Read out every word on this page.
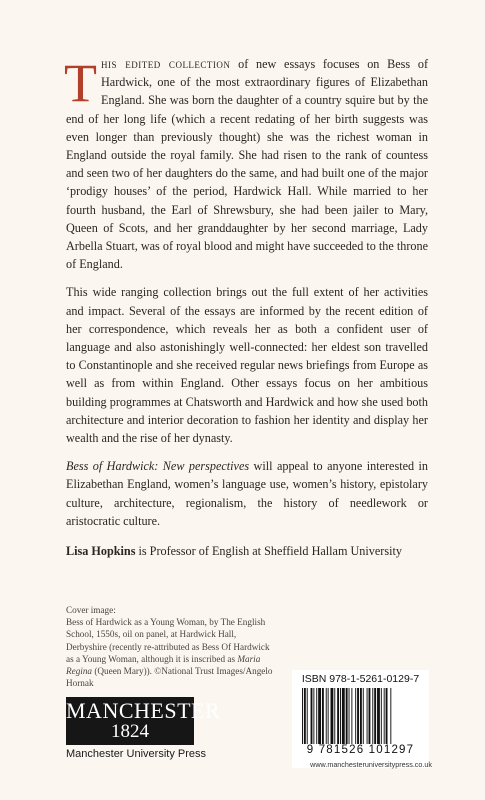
This edited collection of new essays focuses on Bess of Hardwick, one of the most extraordinary figures of Elizabethan England. She was born the daughter of a country squire but by the end of her long life (which a recent redating of her birth suggests was even longer than previously thought) she was the richest woman in England outside the royal family. She had risen to the rank of countess and seen two of her daughters do the same, and had built one of the major ‘prodigy houses’ of the period, Hardwick Hall. While married to her fourth husband, the Earl of Shrewsbury, she had been jailer to Mary, Queen of Scots, and her granddaughter by her second marriage, Lady Arbella Stuart, was of royal blood and might have succeeded to the throne of England.

This wide ranging collection brings out the full extent of her activities and impact. Several of the essays are informed by the recent edition of her correspondence, which reveals her as both a confident user of language and also astonishingly well-connected: her eldest son travelled to Constantinople and she received regular news briefings from Europe as well as from within England. Other essays focus on her ambitious building programmes at Chatsworth and Hardwick and how she used both architecture and interior decoration to fashion her identity and display her wealth and the rise of her dynasty.

Bess of Hardwick: New perspectives will appeal to anyone interested in Elizabethan England, women’s language use, women’s history, epistolary culture, architecture, regionalism, the history of needlework or aristocratic culture.

Lisa Hopkins is Professor of English at Sheffield Hallam University
Cover image:
Bess of Hardwick as a Young Woman, by The English School, 1550s, oil on panel, at Hardwick Hall, Derbyshire (recently re-attributed as Bess Of Hardwick as a Young Woman, although it is inscribed as Maria Regina (Queen Mary)). ©National Trust Images/Angelo Hornak
MANCHESTER
1824
Manchester University Press
ISBN 978-1-5261-0129-7
9 781526 101297
www.manchesteruniversitypress.co.uk
